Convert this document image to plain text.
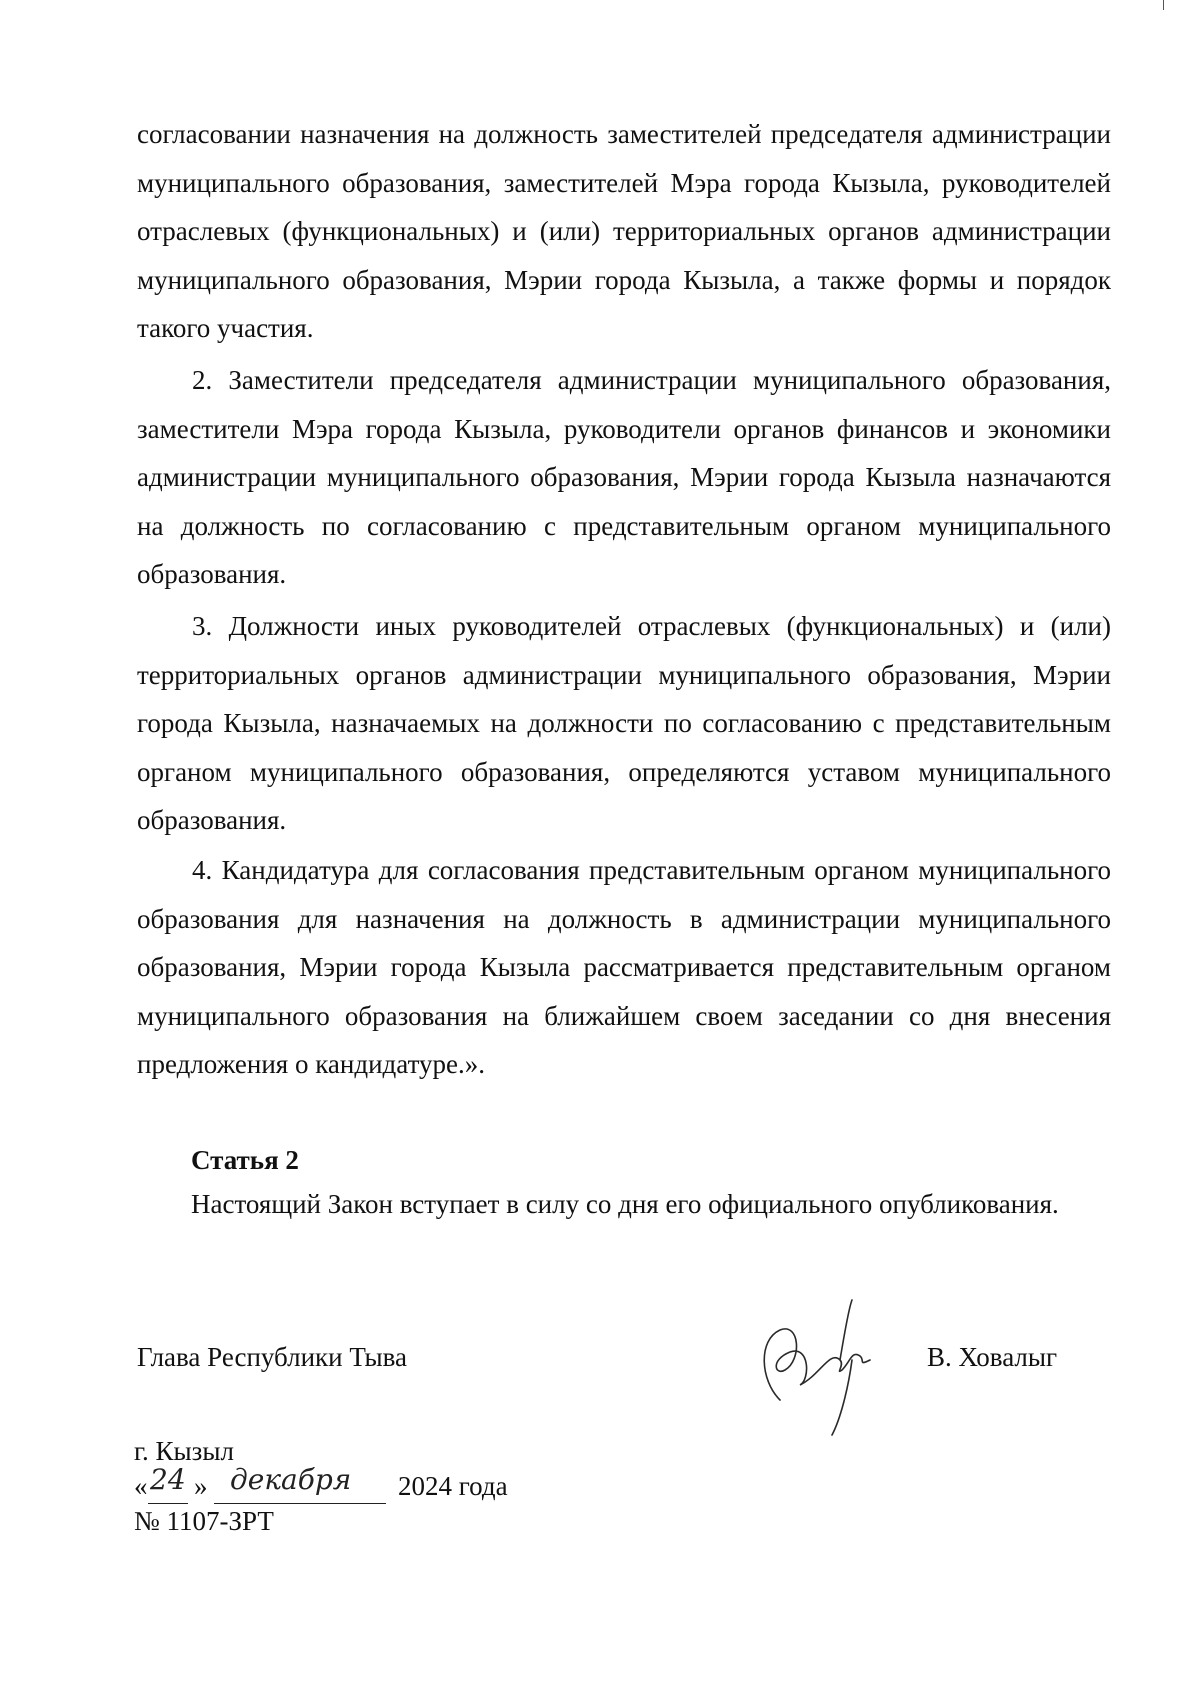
согласовании назначения на должность заместителей председателя администрации муниципального образования, заместителей Мэра города Кызыла, руководителей отраслевых (функциональных) и (или) территориальных органов администрации муниципального образования, Мэрии города Кызыла, а также формы и порядок такого участия.

2. Заместители председателя администрации муниципального образования, заместители Мэра города Кызыла, руководители органов финансов и экономики администрации муниципального образования, Мэрии города Кызыла назначаются на должность по согласованию с представительным органом муниципального образования.

3. Должности иных руководителей отраслевых (функциональных) и (или) территориальных органов администрации муниципального образования, Мэрии города Кызыла, назначаемых на должности по согласованию с представительным органом муниципального образования, определяются уставом муниципального образования.

4. Кандидатура для согласования представительным органом муниципального образования для назначения на должность в администрации муниципального образования, Мэрии города Кызыла рассматривается представительным органом муниципального образования на ближайшем своем заседании со дня внесения предложения о кандидатуре.».

Статья 2

Настоящий Закон вступает в силу со дня его официального опубликования.

Глава Республики Тыва	В. Ховалыг
г. Кызыл
« 24 » декабря 2024 года
№ 1107-ЗРТ
